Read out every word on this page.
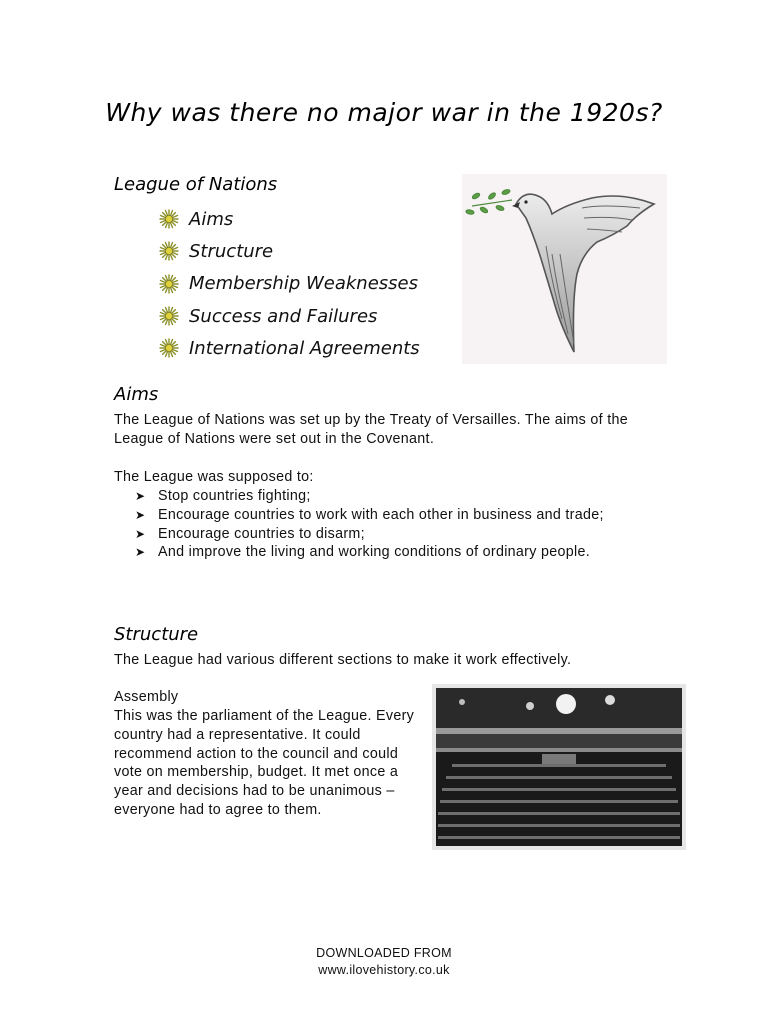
Why was there no major war in the 1920s?
League of Nations
Aims
Structure
Membership Weaknesses
Success and Failures
International Agreements
Aims

The League of Nations was set up by the Treaty of Versailles. The aims of the League of Nations were set out in the Covenant.

The League was supposed to:

➤ Stop countries fighting;
➤ Encourage countries to work with each other in business and trade;
➤ Encourage countries to disarm;
➤ And improve the living and working conditions of ordinary people.
Structure

The League had various different sections to make it work effectively.

Assembly

This was the parliament of the League. Every country had a representative. It could recommend action to the council and could vote on membership, budget. It met once a year and decisions had to be unanimous – everyone had to agree to them.

DOWNLOADED FROM
www.ilovehistory.co.uk
